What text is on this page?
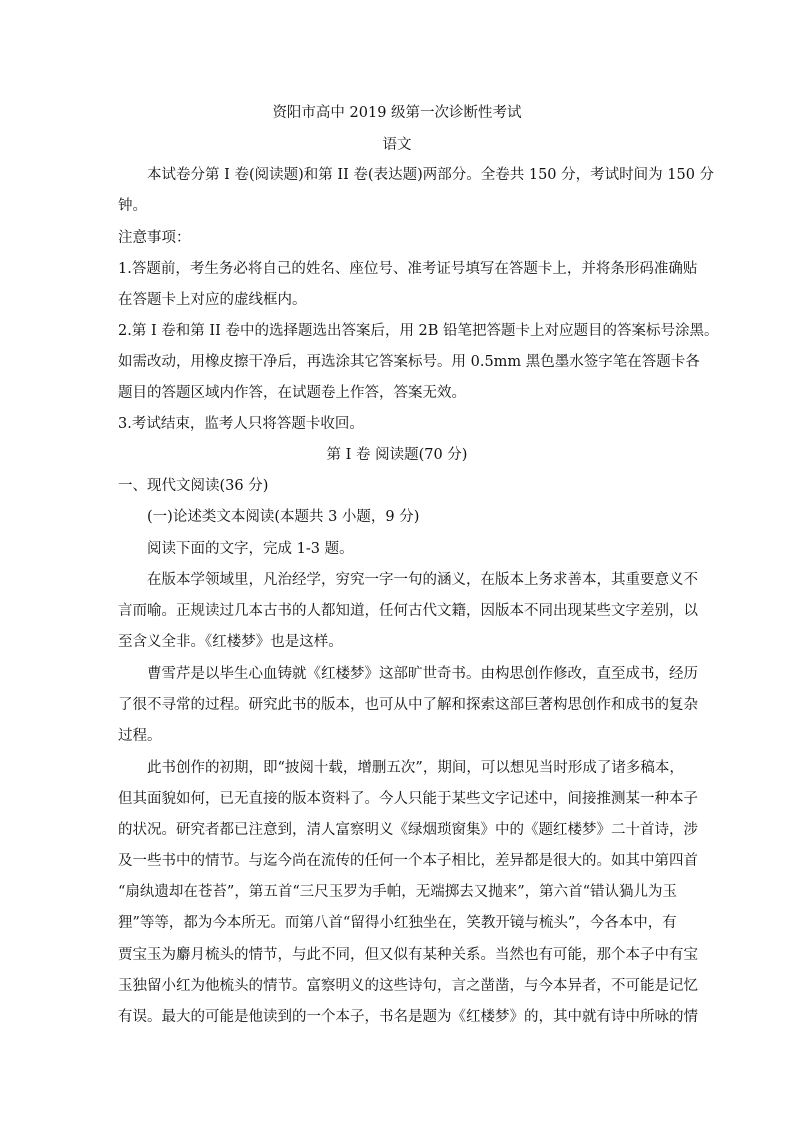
资阳市高中 2019 级第一次诊断性考试
语文
本试卷分第 I 卷(阅读题)和第 II 卷(表达题)两部分。全卷共 150 分，考试时间为 150 分
钟。
注意事项：
1.答题前，考生务必将自己的姓名、座位号、准考证号填写在答题卡上，并将条形码准确贴
在答题卡上对应的虚线框内。
2.第 I 卷和第 II 卷中的选择题选出答案后，用 2B 铅笔把答题卡上对应题目的答案标号涂黑。
如需改动，用橡皮擦干净后，再选涂其它答案标号。用 0.5mm 黑色墨水签字笔在答题卡各
题目的答题区域内作答，在试题卷上作答，答案无效。
3.考试结束，监考人只将答题卡收回。
第 I 卷 阅读题(70 分)
一、现代文阅读(36 分)
(一)论述类文本阅读(本题共 3 小题，9 分)
阅读下面的文字，完成 1-3 题。
在版本学领域里，凡治经学，穷究一字一句的涵义，在版本上务求善本，其重要意义不
言而喻。正规读过几本古书的人都知道，任何古代文籍，因版本不同出现某些文字差别，以
至含义全非。《红楼梦》也是这样。
曹雪芹是以毕生心血铸就《红楼梦》这部旷世奇书。由构思创作修改，直至成书，经历
了很不寻常的过程。研究此书的版本，也可从中了解和探索这部巨著构思创作和成书的复杂
过程。
此书创作的初期，即“披阅十载，增删五次”，期间，可以想见当时形成了诸多稿本，
但其面貌如何，已无直接的版本资料了。今人只能于某些文字记述中，间接推测某一种本子
的状况。研究者都已注意到，清人富察明义《绿烟琐窗集》中的《题红楼梦》二十首诗，涉
及一些书中的情节。与迄今尚在流传的任何一个本子相比，差异都是很大的。如其中第四首
“扇纨遗却在苍苔”，第五首“三尺玉罗为手帕，无端掷去又抛来”，第六首“错认猧儿为玉
狸”等等，都为今本所无。而第八首“留得小红独坐在，笑教开镜与梳头”，今各本中，有
贾宝玉为麝月梳头的情节，与此不同，但又似有某种关系。当然也有可能，那个本子中有宝
玉独留小红为他梳头的情节。富察明义的这些诗句，言之凿凿，与今本异者，不可能是记忆
有误。最大的可能是他读到的一个本子，书名是题为《红楼梦》的，其中就有诗中所咏的情
